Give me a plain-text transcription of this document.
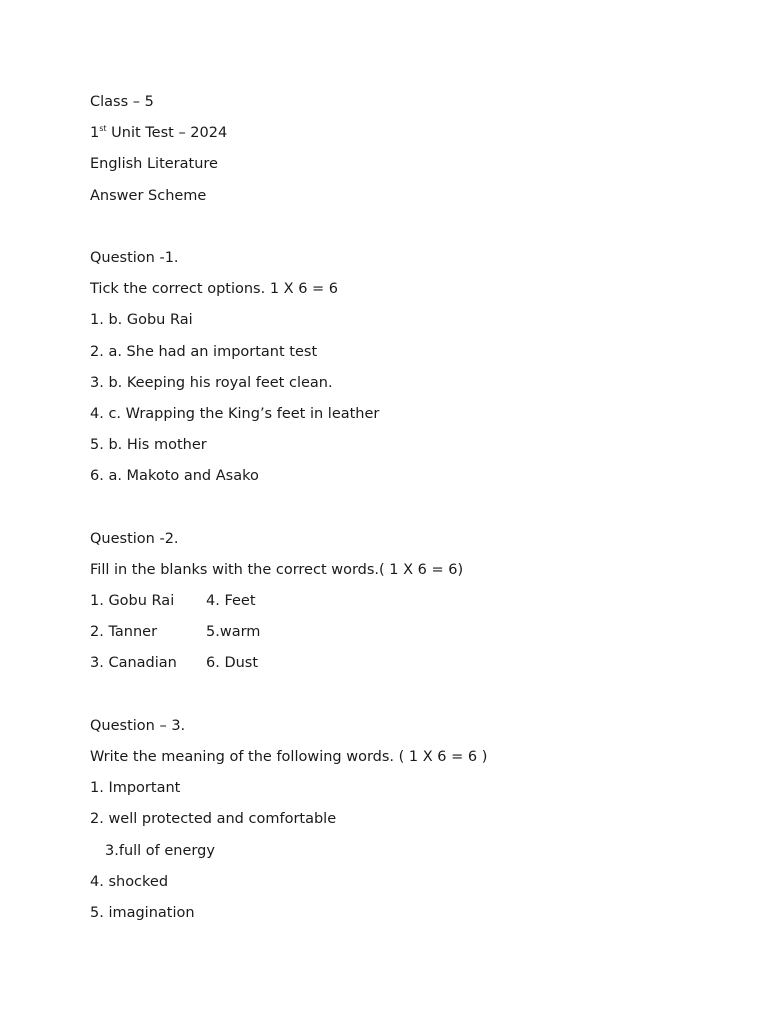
Class – 5
1st Unit Test – 2024
English Literature
Answer Scheme
Question -1.
Tick the correct options. 1 X 6 = 6
1. b. Gobu Rai
2. a. She had an important test
3. b. Keeping his royal feet clean.
4. c. Wrapping the King’s feet in leather
5. b. His mother
6. a. Makoto and Asako
Question -2.
Fill in the blanks with the correct words.( 1 X 6 = 6)
1. Gobu Rai 4. Feet
2. Tanner	5.warm
3. Canadian 6. Dust
Question – 3.
Write the meaning of the following words. ( 1 X 6 = 6 )
1. Important
2. well protected and comfortable
3.full of energy
4. shocked
5. imagination
